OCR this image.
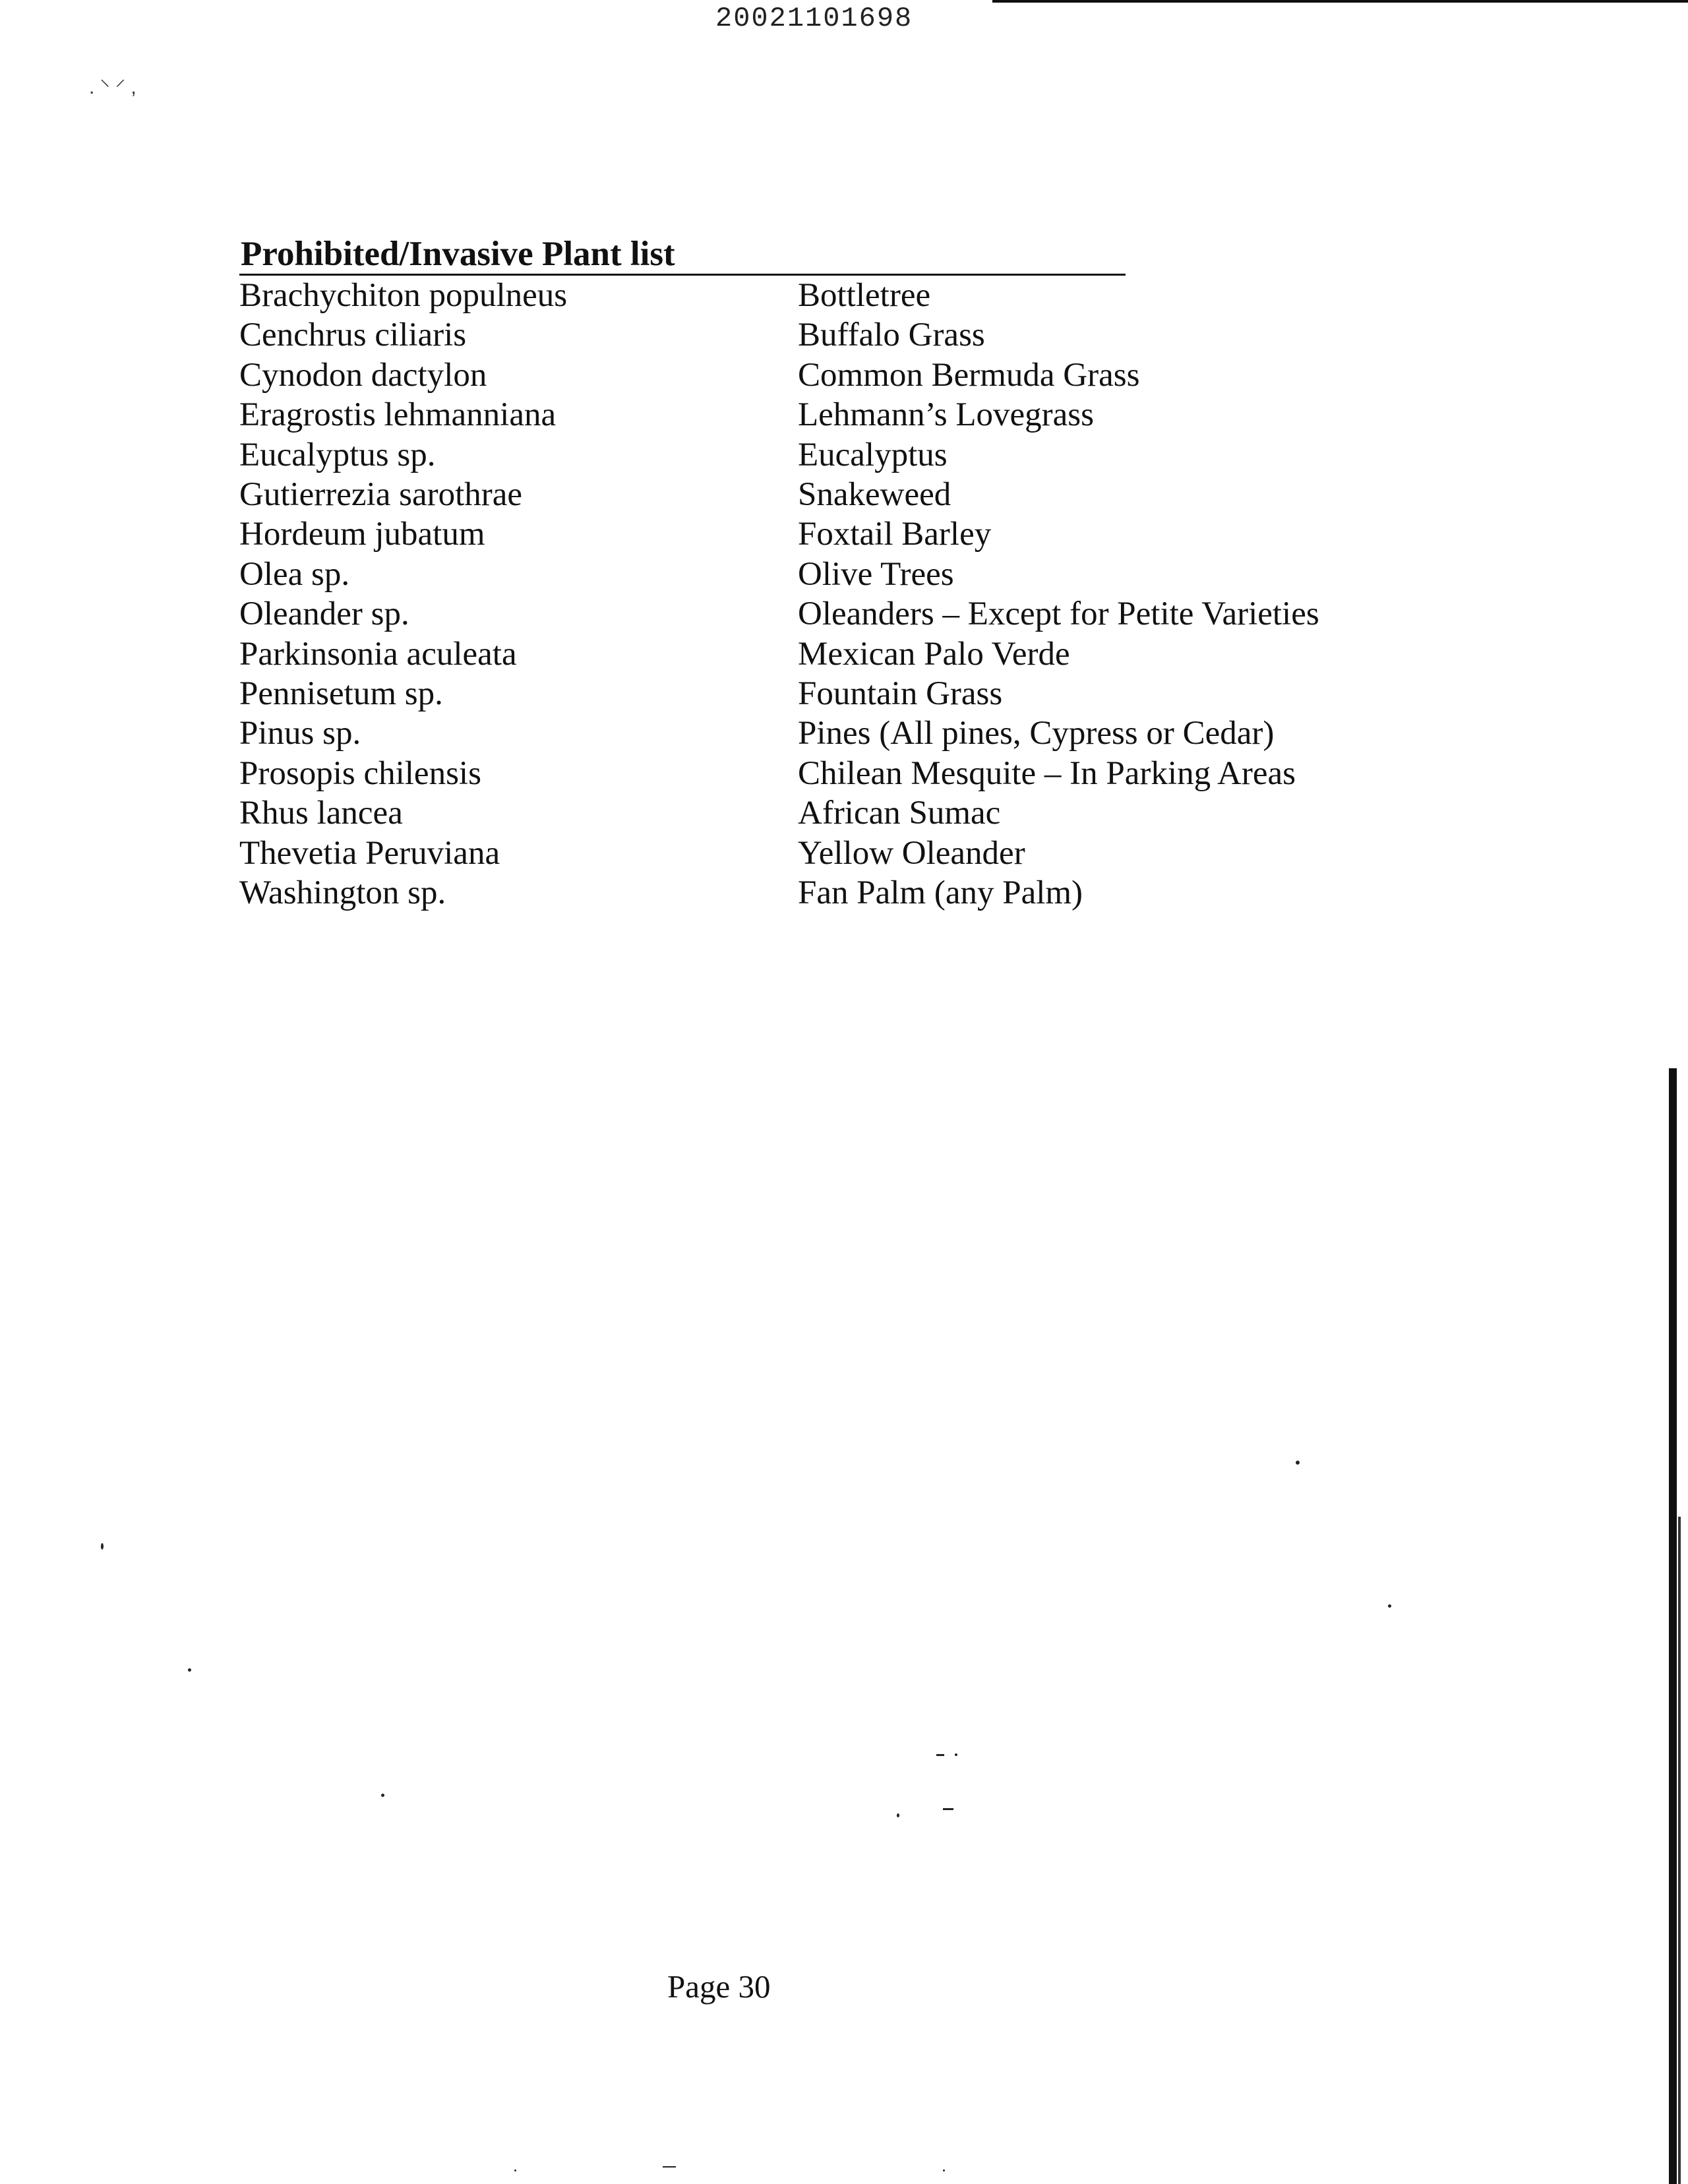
20021101698

. ⸌ ⸍ ,
Prohibited/Invasive Plant list
Brachychiton populneus	Bottletree
Cenchrus ciliaris	Buffalo Grass
Cynodon dactylon	Common Bermuda Grass
Eragrostis lehmanniana	Lehmann’s Lovegrass
Eucalyptus sp.	Eucalyptus
Gutierrezia sarothrae	Snakeweed
Hordeum jubatum	Foxtail Barley
Olea sp.	Olive Trees
Oleander sp.	Oleanders – Except for Petite Varieties
Parkinsonia aculeata	Mexican Palo Verde
Pennisetum sp.	Fountain Grass
Pinus sp.	Pines (All pines, Cypress or Cedar)
Prosopis chilensis	Chilean Mesquite – In Parking Areas
Rhus lancea	African Sumac
Thevetia Peruviana	Yellow Oleander
Washington sp.	Fan Palm (any Palm)

Page 30
